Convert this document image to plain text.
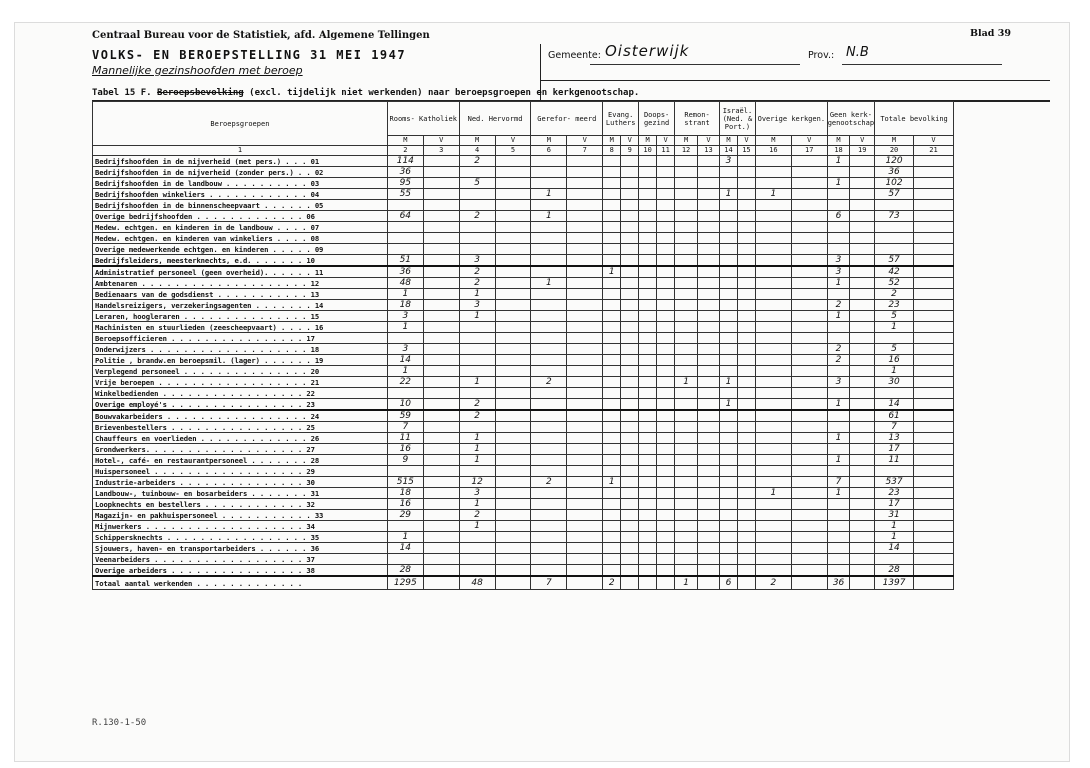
Centraal Bureau voor de Statistiek, afd. Algemene Tellingen	Blad 39
VOLKS- EN BEROEPSTELLING 31 MEI 1947
Mannelijke gezinshoofden met beroep
Gemeente: Oisterwijk	Prov.: N.B
Tabel 15 F. Beroepsbevolking (excl. tijdelijk niet werkenden) naar beroepsgroepen en kerkgenootschap.
Beroepsgroepen	Rooms- Katholiek		Ned. Hervormd		Gerefor- meerd		Evang. Luthers		Doops- gezind		Remon- strant		Israël. (Ned. & Port.)		Overige kerkgen.		Geen kerk- genootschap		Totale bevolking	
	M	V	M	V	M	V	M	V	M	V	M	V	M	V	M	V	M	V	M	V
1	2	3	4	5	6	7	8	9	10	11	12	13	14	15	16	17	18	19	20	21
Bedrijfshoofden in de nijverheid (met pers.) . . . 01	114		2										3				1		120	
Bedrijfshoofden in de nijverheid (zonder pers.) . . 02	36																		36	
Bedrijfshoofden in de landbouw . . . . . . . . . . 03	95		5														1		102	
Bedrijfshoofden winkeliers . . . . . . . . . . . . 04	55				1								1		1				57	
Bedrijfshoofden in de binnenscheepvaart . . . . . . 05																				
Overige bedrijfshoofden . . . . . . . . . . . . . 06	64		2		1												6		73	
Medew. echtgen. en kinderen in de landbouw . . . . 07																				
Medew. echtgen. en kinderen van winkeliers . . . . 08																				
Overige medewerkende echtgen. en kinderen . . . . . 09																				
Bedrijfsleiders, meesterknechts, e.d. . . . . . . 10	51		3														3		57	
Administratief personeel (geen overheid). . . . . . 11	36		2				1										3		42	
Ambtenaren . . . . . . . . . . . . . . . . . . . . 12	48		2		1												1		52	
Bedienaars van de godsdienst . . . . . . . . . . . 13	1		1																2	
Handelsreizigers, verzekeringsagenten . . . . . . . 14	18		3														2		23	
Leraren, hoogleraren . . . . . . . . . . . . . . . 15	3		1														1		5	
Machinisten en stuurlieden (zeescheepvaart) . . . . 16	1																		1	
Beroepsofficieren . . . . . . . . . . . . . . . . 17																				
Onderwijzers . . . . . . . . . . . . . . . . . . . 18	3																2		5	
Politie , brandw.en beroepsmil. (lager) . . . . . . 19	14																2		16	
Verplegend personeel . . . . . . . . . . . . . . . 20	1																		1	
Vrije beroepen . . . . . . . . . . . . . . . . . . 21	22		1		2						1		1				3		30	
Winkelbedienden . . . . . . . . . . . . . . . . . 22																				
Overige employé's . . . . . . . . . . . . . . . . 23	10		2										1				1		14	
Bouwvakarbeiders . . . . . . . . . . . . . . . . . 24	59		2																61	
Brievenbestellers . . . . . . . . . . . . . . . . 25	7																		7	
Chauffeurs en voerlieden . . . . . . . . . . . . . 26	11		1														1		13	
Grondwerkers. . . . . . . . . . . . . . . . . . . 27	16		1																17	
Hotel-, café- en restaurantpersoneel . . . . . . . 28	9		1														1		11	
Huispersoneel . . . . . . . . . . . . . . . . . . 29																				
Industrie-arbeiders . . . . . . . . . . . . . . . 30	515		12		2		1										7		537	
Landbouw-, tuinbouw- en bosarbeiders . . . . . . . 31	18		3												1		1		23	
Loopknechts en bestellers . . . . . . . . . . . . 32	16		1																17	
Magazijn- en pakhuispersoneel . . . . . . . . . . . 33	29		2																31	
Mijnwerkers . . . . . . . . . . . . . . . . . . . 34			1																1	
Schippersknechts . . . . . . . . . . . . . . . . . 35	1																		1	
Sjouwers, haven- en transportarbeiders . . . . . . 36	14																		14	
Veenarbeiders . . . . . . . . . . . . . . . . . . 37																				
Overige arbeiders . . . . . . . . . . . . . . . . 38	28																		28	
Totaal aantal werkenden . . . . . . . . . . . . .	1295		48		7		2				1		6		2		36		1397	
R.130-1-50
